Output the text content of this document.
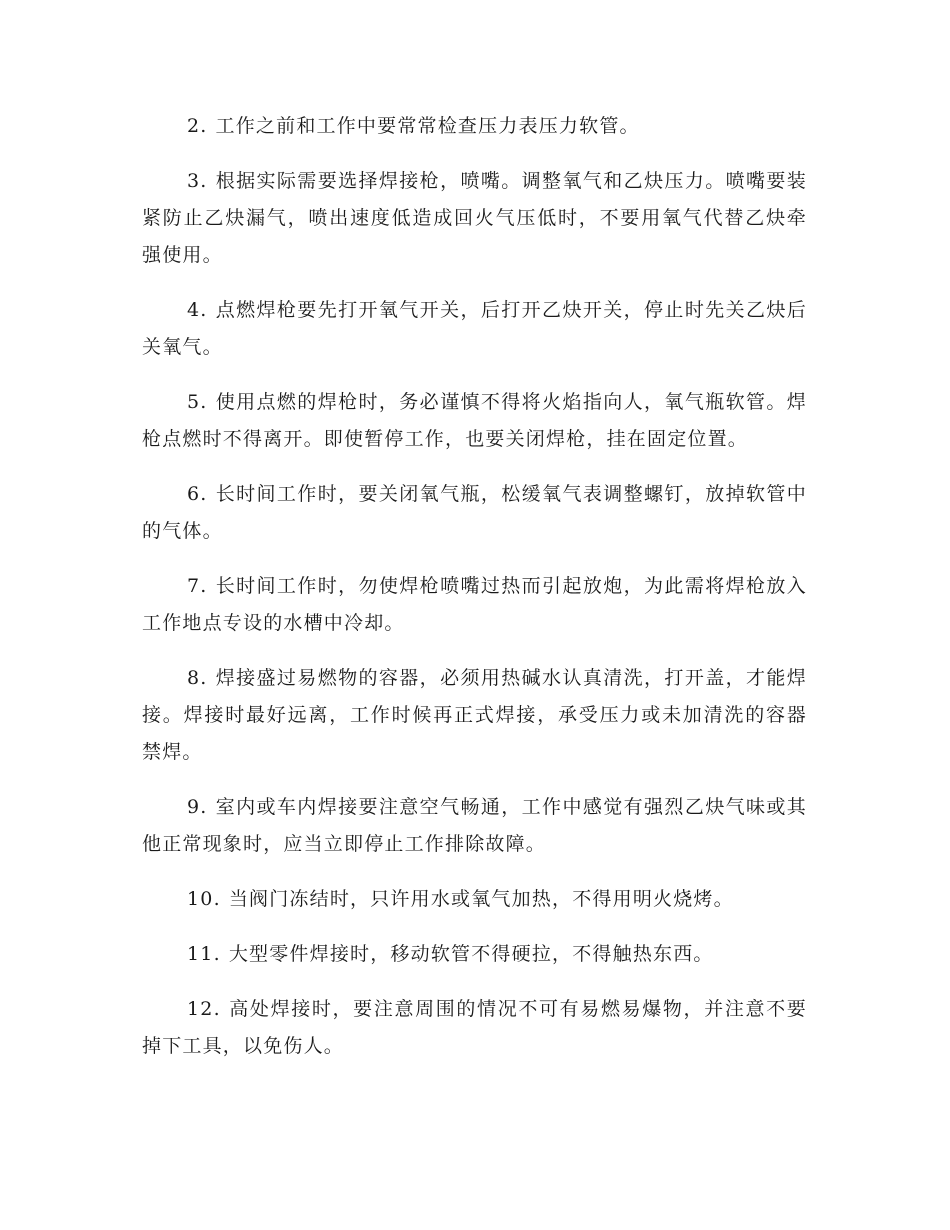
2. 工作之前和工作中要常常检查压力表压力软管。

3. 根据实际需要选择焊接枪，喷嘴。调整氧气和乙炔压力。喷嘴要装紧防止乙炔漏气，喷出速度低造成回火气压低时，不要用氧气代替乙炔牵强使用。

4. 点燃焊枪要先打开氧气开关，后打开乙炔开关，停止时先关乙炔后关氧气。

5. 使用点燃的焊枪时，务必谨慎不得将火焰指向人，氧气瓶软管。焊枪点燃时不得离开。即使暂停工作，也要关闭焊枪，挂在固定位置。

6. 长时间工作时，要关闭氧气瓶，松缓氧气表调整螺钉，放掉软管中的气体。

7. 长时间工作时，勿使焊枪喷嘴过热而引起放炮，为此需将焊枪放入工作地点专设的水槽中冷却。

8. 焊接盛过易燃物的容器，必须用热碱水认真清洗，打开盖，才能焊接。焊接时最好远离，工作时候再正式焊接，承受压力或未加清洗的容器禁焊。

9. 室内或车内焊接要注意空气畅通，工作中感觉有强烈乙炔气味或其他正常现象时，应当立即停止工作排除故障。

10. 当阀门冻结时，只许用水或氧气加热，不得用明火烧烤。

11. 大型零件焊接时，移动软管不得硬拉，不得触热东西。

12. 高处焊接时，要注意周围的情况不可有易燃易爆物，并注意不要掉下工具，以免伤人。
